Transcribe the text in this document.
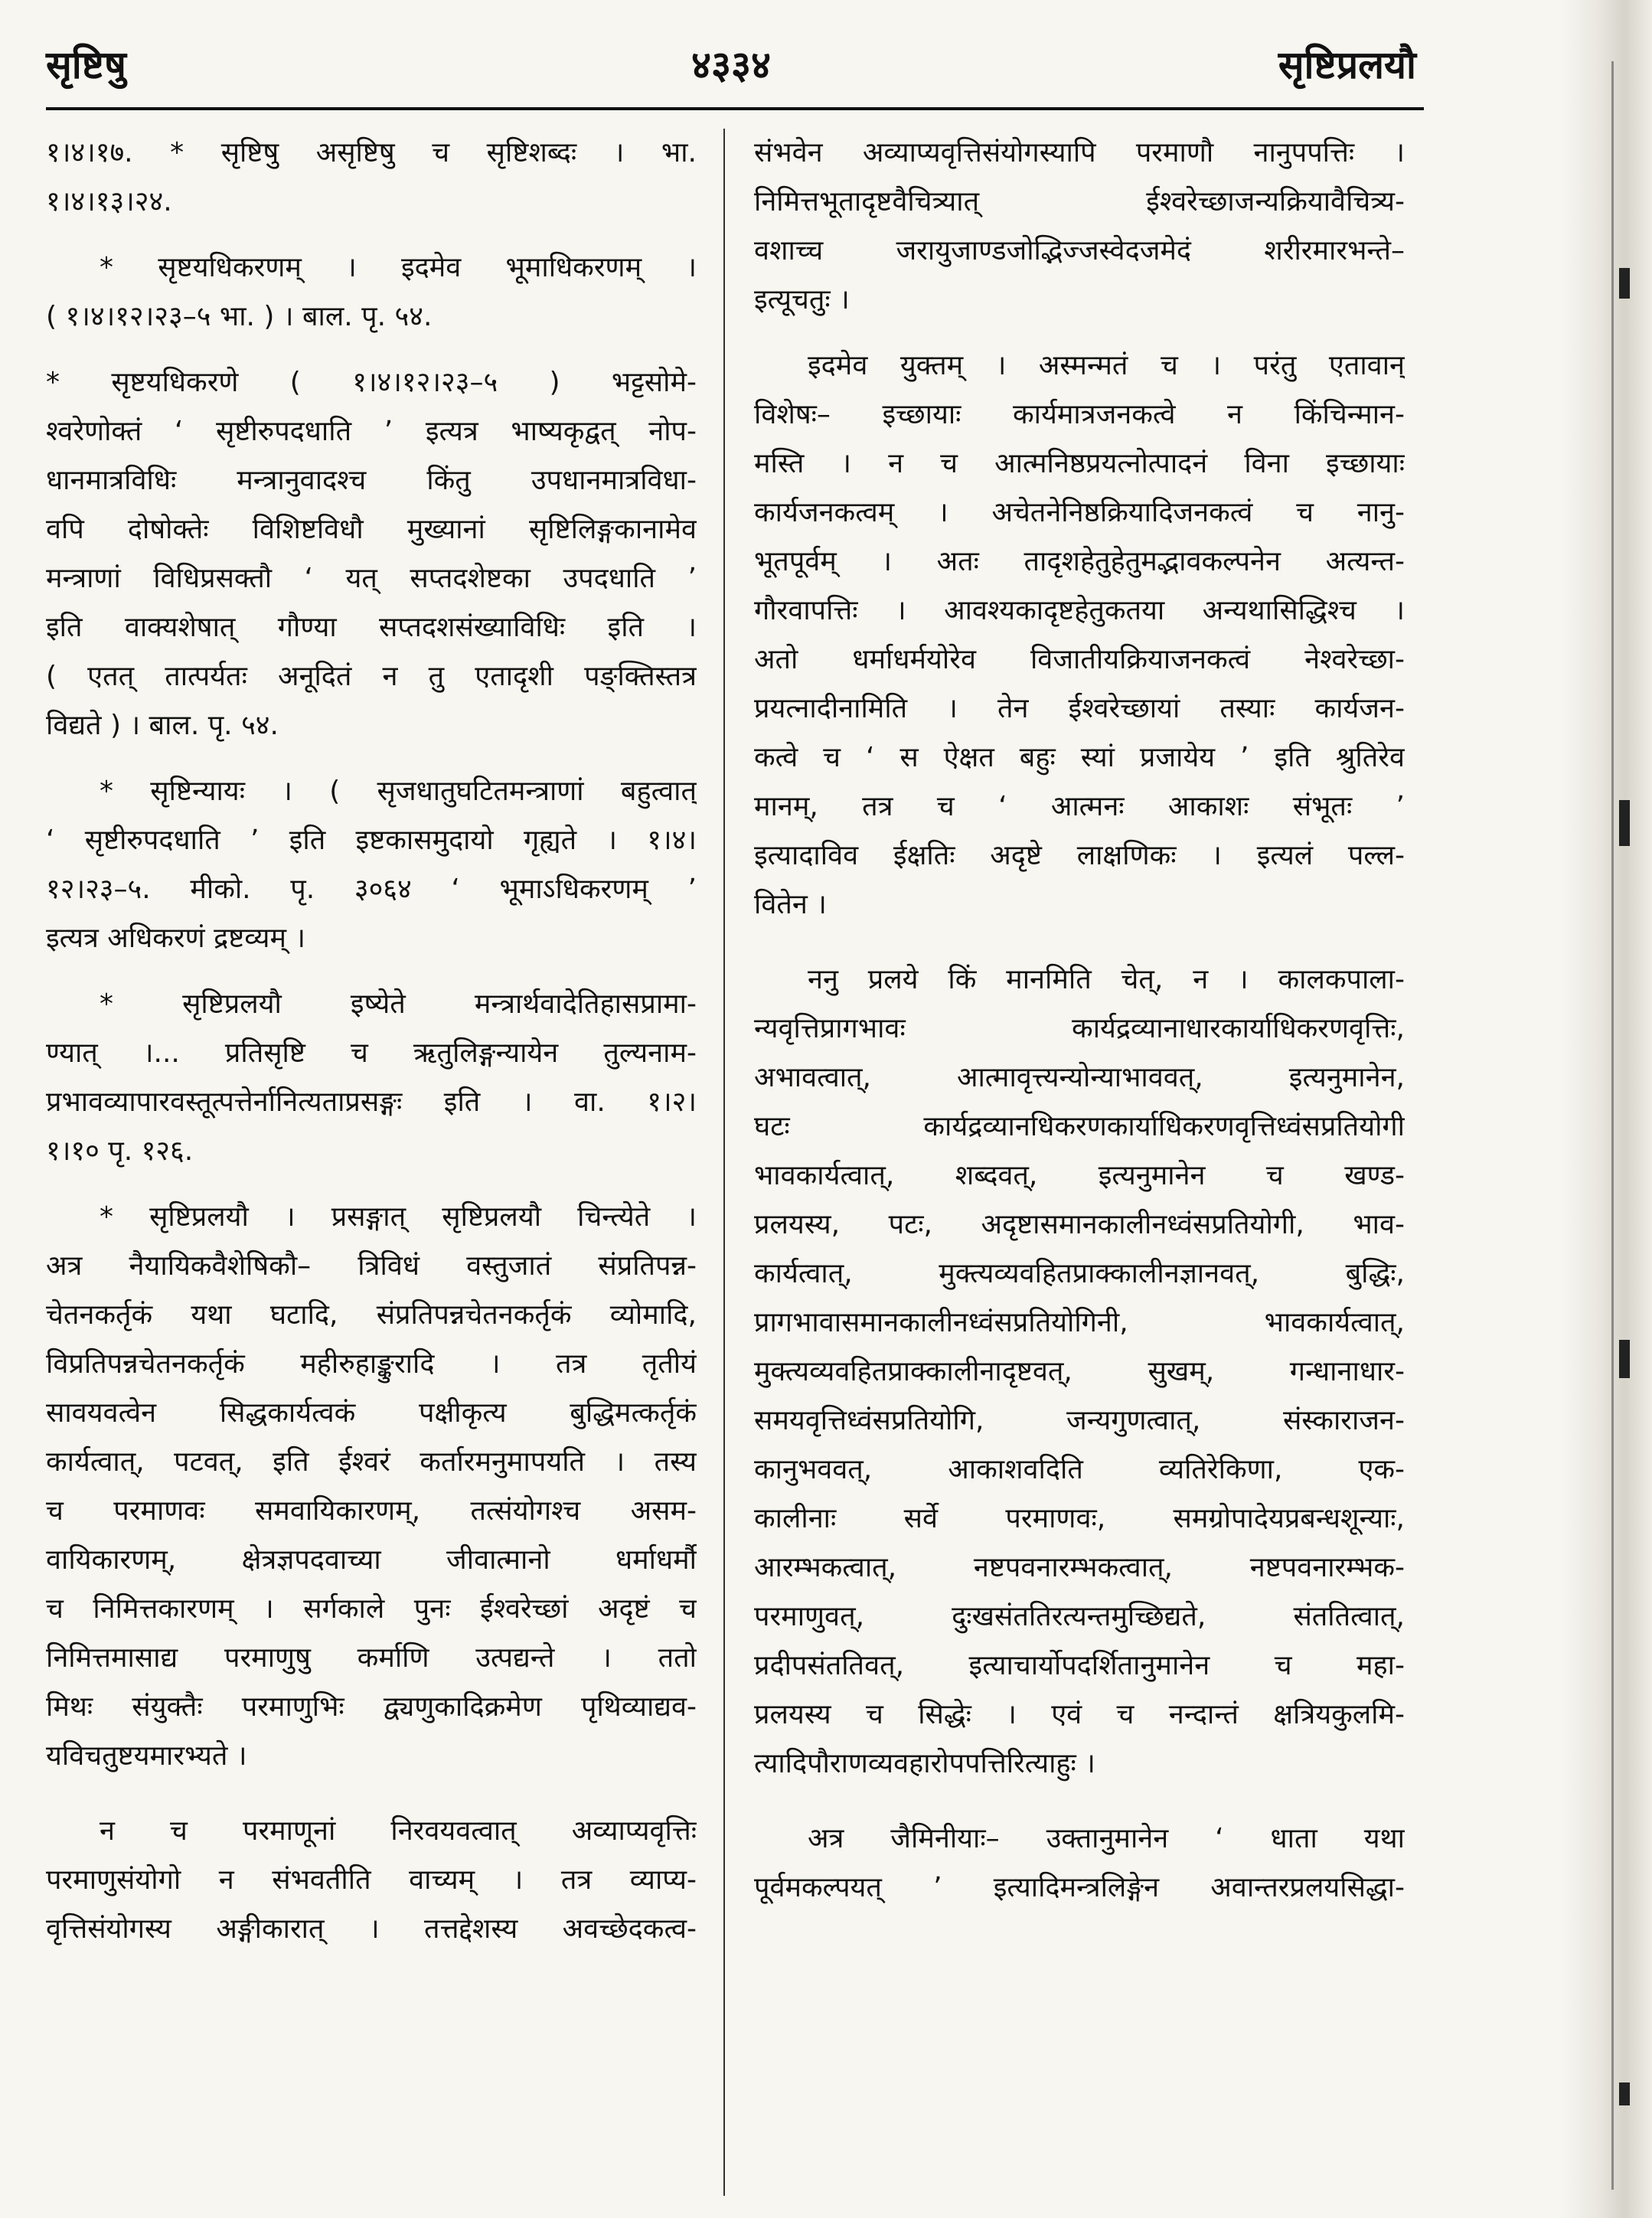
४३३४
सृष्टिषु	सृष्टिप्रलयौ
१।४।१७. * सृष्टिषु असृष्टिषु च सृष्टिशब्दः । भा.
१।४।१३।२४.
* सृष्टयधिकरणम् । इदमेव भूमाधिकरणम् ।
( १।४।१२।२३–५ भा. ) । बाल. पृ. ५४.
* सृष्टयधिकरणे ( १।४।१२।२३–५ ) भट्टसोमे-
श्वरेणोक्तं ‘ सृष्टीरुपदधाति ’ इत्यत्र भाष्यकृद्वत् नोप-
धानमात्रविधिः मन्त्रानुवादश्च किंतु उपधानमात्रविधा-
वपि दोषोक्तेः विशिष्टविधौ मुख्यानां सृष्टिलिङ्गकानामेव
मन्त्राणां विधिप्रसक्तौ ‘ यत् सप्तदशेष्टका उपदधाति ’
इति वाक्यशेषात् गौण्या सप्तदशसंख्याविधिः इति ।
( एतत् तात्पर्यतः अनूदितं न तु एतादृशी पङ्क्तिस्तत्र
विद्यते ) । बाल. पृ. ५४.
* सृष्टिन्यायः । ( सृजधातुघटितमन्त्राणां बहुत्वात्
‘ सृष्टीरुपदधाति ’ इति इष्टकासमुदायो गृह्यते । १।४।
१२।२३–५. मीको. पृ. ३०६४ ‘ भूमाऽधिकरणम् ’
इत्यत्र अधिकरणं द्रष्टव्यम् ।
* सृष्टिप्रलयौ इष्येते मन्त्रार्थवादेतिहासप्रामा-
ण्यात् ।... प्रतिसृष्टि च ऋतुलिङ्गन्यायेन तुल्यनाम-
प्रभावव्यापारवस्तूत्पत्तेर्नानित्यताप्रसङ्गः इति । वा. १।२।
१।१० पृ. १२६.
* सृष्टिप्रलयौ । प्रसङ्गात् सृष्टिप्रलयौ चिन्त्येते ।
अत्र नैयायिकवैशेषिकौ– त्रिविधं वस्तुजातं संप्रतिपन्न-
चेतनकर्तृकं यथा घटादि, संप्रतिपन्नचेतनकर्तृकं व्योमादि,
विप्रतिपन्नचेतनकर्तृकं महीरुहाङ्कुरादि । तत्र तृतीयं
सावयवत्वेन सिद्धकार्यत्वकं पक्षीकृत्य बुद्धिमत्कर्तृकं
कार्यत्वात्, पटवत्, इति ईश्वरं कर्तारमनुमापयति । तस्य
च परमाणवः समवायिकारणम्, तत्संयोगश्च असम-
वायिकारणम्, क्षेत्रज्ञपदवाच्या जीवात्मानो धर्माधर्मौ
च निमित्तकारणम् । सर्गकाले पुनः ईश्वरेच्छां अदृष्टं च
निमित्तमासाद्य परमाणुषु कर्माणि उत्पद्यन्ते । ततो
मिथः संयुक्तैः परमाणुभिः द्व्यणुकादिक्रमेण पृथिव्याद्यव-
यविचतुष्टयमारभ्यते ।
न च परमाणूनां निरवयवत्वात् अव्याप्यवृत्तिः
परमाणुसंयोगो न संभवतीति वाच्यम् । तत्र व्याप्य-
वृत्तिसंयोगस्य अङ्गीकारात् । तत्तद्देशस्य अवच्छेदकत्व-
संभवेन अव्याप्यवृत्तिसंयोगस्यापि परमाणौ नानुपपत्तिः ।
निमित्तभूतादृष्टवैचित्र्यात् ईश्वरेच्छाजन्यक्रियावैचित्र्य-
वशाच्च जरायुजाण्डजोद्भिज्जस्वेदजमेदं शरीरमारभन्ते–
इत्यूचतुः ।
इदमेव युक्तम् । अस्मन्मतं च । परंतु एतावान्
विशेषः– इच्छायाः कार्यमात्रजनकत्वे न किंचिन्मान-
मस्ति । न च आत्मनिष्ठप्रयत्नोत्पादनं विना इच्छायाः
कार्यजनकत्वम् । अचेतनेनिष्ठक्रियादिजनकत्वं च नानु-
भूतपूर्वम् । अतः तादृशहेतुहेतुमद्भावकल्पनेन अत्यन्त-
गौरवापत्तिः । आवश्यकादृष्टहेतुकतया अन्यथासिद्धिश्च ।
अतो धर्माधर्मयोरेव विजातीयक्रियाजनकत्वं नेश्वरेच्छा-
प्रयत्नादीनामिति । तेन ईश्वरेच्छायां तस्याः कार्यजन-
कत्वे च ‘ स ऐक्षत बहुः स्यां प्रजायेय ’ इति श्रुतिरेव
मानम्, तत्र च ‘ आत्मनः आकाशः संभूतः ’
इत्यादाविव ईक्षतिः अदृष्टे लाक्षणिकः । इत्यलं पल्ल-
वितेन ।
ननु प्रलये किं मानमिति चेत्, न । कालकपाला-
न्यवृत्तिप्रागभावः कार्यद्रव्यानाधारकार्याधिकरणवृत्तिः,
अभावत्वात्, आत्मावृत्त्यन्योन्याभाववत्, इत्यनुमानेन,
घटः कार्यद्रव्यानधिकरणकार्याधिकरणवृत्तिध्वंसप्रतियोगी
भावकार्यत्वात्, शब्दवत्, इत्यनुमानेन च खण्ड-
प्रलयस्य, पटः, अदृष्टासमानकालीनध्वंसप्रतियोगी, भाव-
कार्यत्वात्, मुक्त्यव्यवहितप्राक्कालीनज्ञानवत्, बुद्धिः,
प्रागभावासमानकालीनध्वंसप्रतियोगिनी, भावकार्यत्वात्,
मुक्त्यव्यवहितप्राक्कालीनादृष्टवत्, सुखम्, गन्धानाधार-
समयवृत्तिध्वंसप्रतियोगि, जन्यगुणत्वात्, संस्काराजन-
कानुभववत्, आकाशवदिति व्यतिरेकिणा, एक-
कालीनाः सर्वे परमाणवः, समग्रोपादेयप्रबन्धशून्याः,
आरम्भकत्वात्, नष्टपवनारम्भकत्वात्, नष्टपवनारम्भक-
परमाणुवत्, दुःखसंततिरत्यन्तमुच्छिद्यते, संततित्वात्,
प्रदीपसंततिवत्, इत्याचार्योपदर्शितानुमानेन च महा-
प्रलयस्य च सिद्धेः । एवं च नन्दान्तं क्षत्रियकुलमि-
त्यादिपौराणव्यवहारोपपत्तिरित्याहुः ।
अत्र जैमिनीयाः– उक्तानुमानेन ‘ धाता यथा
पूर्वमकल्पयत् ’ इत्यादिमन्त्रलिङ्गेन अवान्तरप्रलयसिद्धा-
